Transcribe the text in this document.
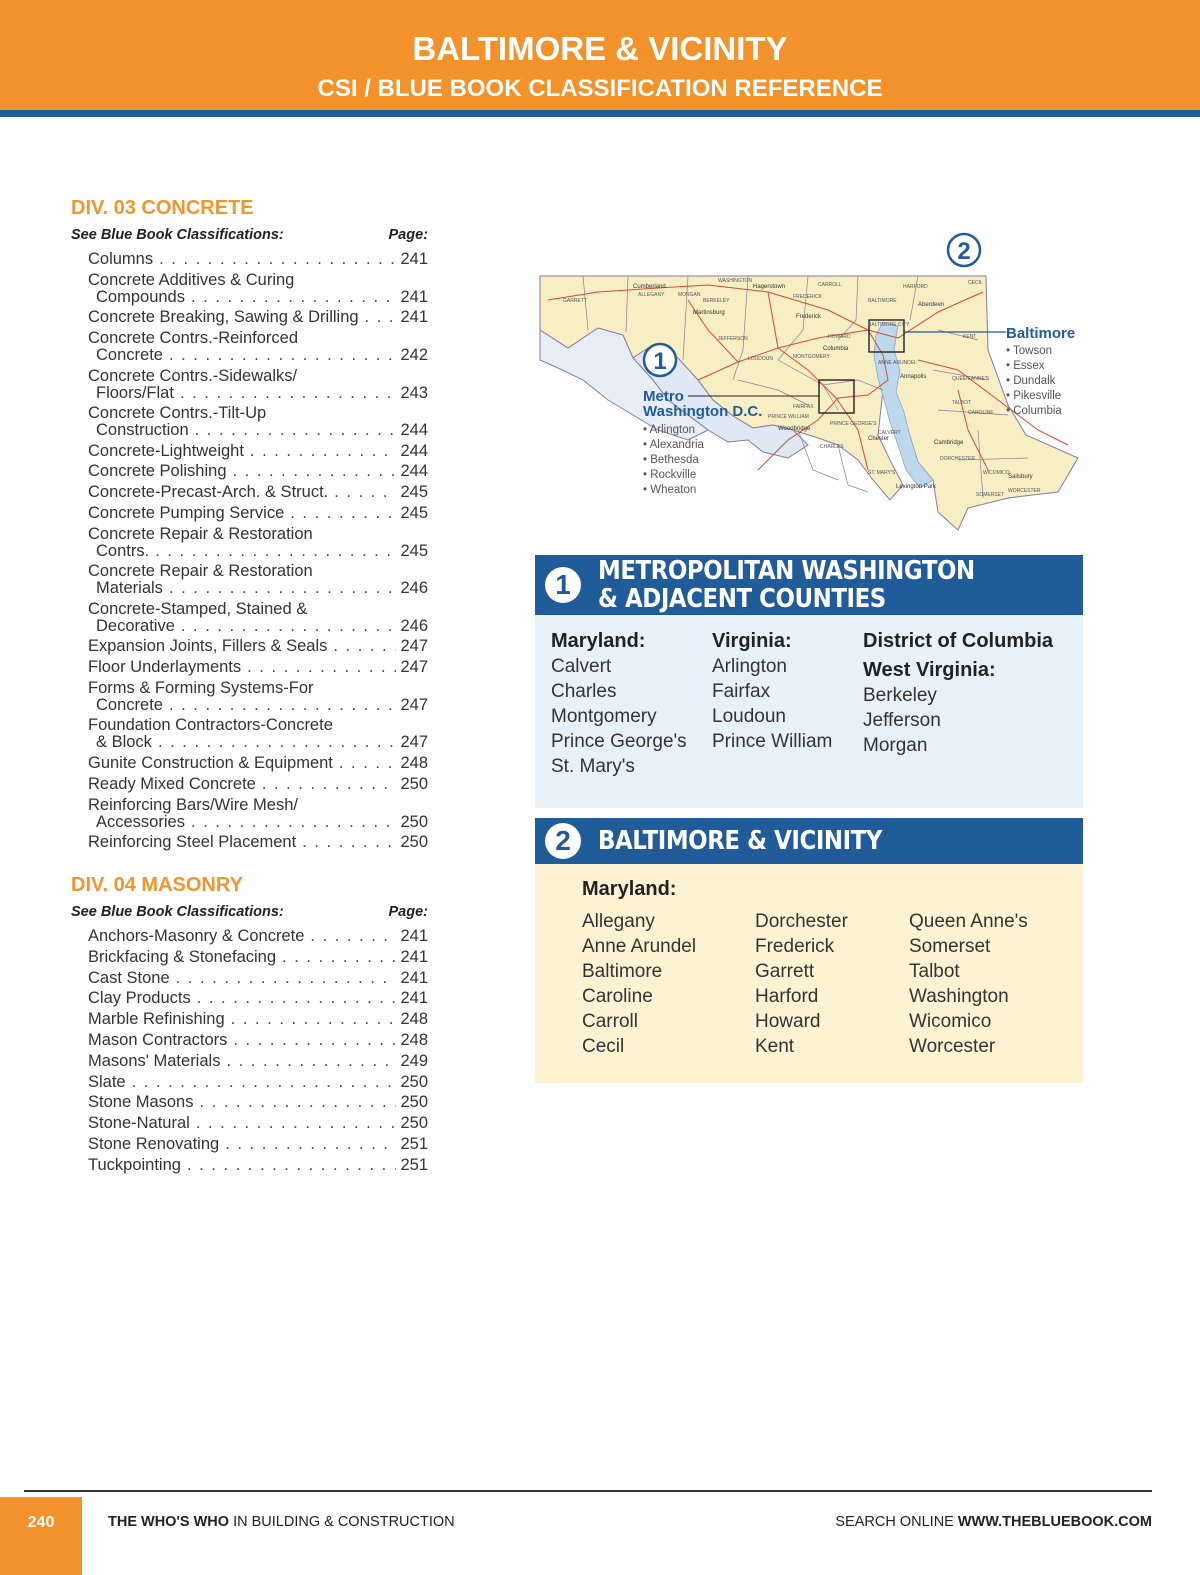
BALTIMORE & VICINITY
CSI / BLUE BOOK CLASSIFICATION REFERENCE
DIV. 03 CONCRETE
See Blue Book Classifications:	Page:
Columns . . .	241
Concrete Additives & Curing
Compounds . . .	241
Concrete Breaking, Sawing & Drilling . . .	241
Concrete Contrs.-Reinforced
Concrete . . .	242
Concrete Contrs.-Sidewalks/
Floors/Flat . . .	243
Concrete Contrs.-Tilt-Up
Construction . . .	244
Concrete-Lightweight . . .	244
Concrete Polishing . . .	244
Concrete-Precast-Arch. & Struct. . . .	245
Concrete Pumping Service . . .	245
Concrete Repair & Restoration
Contrs. . . .	245
Concrete Repair & Restoration
Materials . . .	246
Concrete-Stamped, Stained &
Decorative . . .	246
Expansion Joints, Fillers & Seals . . .	247
Floor Underlayments . . .	247
Forms & Forming Systems-For
Concrete . . .	247
Foundation Contractors-Concrete
& Block . . .	247
Gunite Construction & Equipment . . .	248
Ready Mixed Concrete . . .	250
Reinforcing Bars/Wire Mesh/
Accessories . . .	250
Reinforcing Steel Placement . . .	250
DIV. 04 MASONRY
See Blue Book Classifications:	Page:
Anchors-Masonry & Concrete . . .	241
Brickfacing & Stonefacing . . .	241
Cast Stone . . .	241
Clay Products . . .	241
Marble Refinishing . . .	248
Mason Contractors . . .	248
Masons' Materials . . .	249
Slate . . .	250
Stone Masons . . .	250
Stone-Natural . . .	250
Stone Renovating . . .	251
Tuckpointing . . .	251
1
2
GARRETT
ALLEGANY
Cumberland
WASHINGTON
Hagerstown
FREDERICK
Frederick
CARROLL
BALTIMORE
HARFORD
Aberdeen
CECIL
KENT
HOWARD
Columbia
ANNE ARUNDEL
Annapolis	QUEEN ANNE'S
TALBOT
CAROLINE
MONTGOMERY
LOUDOUN
FAIRFAX
PRINCE WILLIAM
Woodbridge
CHARLES
CALVERT
ST. MARY'S
DORCHESTER
WICOMICO
Salisbury
SOMERSET
WORCESTER
JEFFERSON
BERKELEY
MORGAN
Martinsburg
PRINCE GEORGE'S
Chester
Cambridge
Lexington Park
BALTIMORE CITY
Metro
Washington D.C.
• Arlington
• Alexandria
• Bethesda
• Rockville
• Wheaton
Baltimore
• Towson
• Essex
• Dundalk
• Pikesville
• Columbia
1	METROPOLITAN WASHINGTON
& ADJACENT COUNTIES
Maryland:
Calvert
Charles
Montgomery
Prince George's
St. Mary's
Virginia:
Arlington
Fairfax
Loudoun
Prince William
District of Columbia
West Virginia:
Berkeley
Jefferson
Morgan
2	BALTIMORE & VICINITY
Maryland:
Allegany
Anne Arundel
Baltimore
Caroline
Carroll
Cecil
Dorchester
Frederick
Garrett
Harford
Howard
Kent
Queen Anne's
Somerset
Talbot
Washington
Wicomico
Worcester
240	THE WHO'S WHO IN BUILDING & CONSTRUCTION	SEARCH ONLINE WWW.THEBLUEBOOK.COM
